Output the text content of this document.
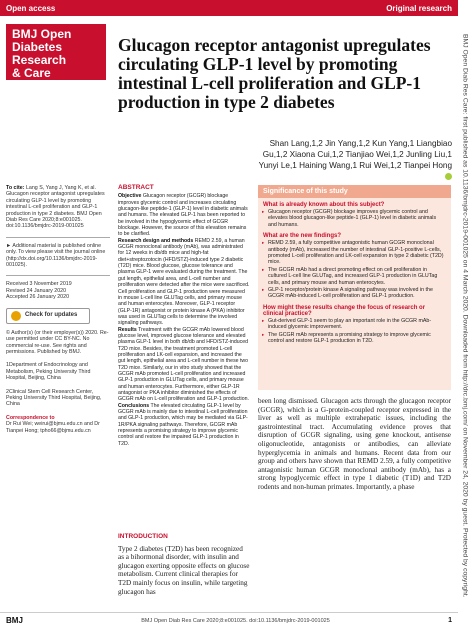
Open access	Original research
BMJ Open
Diabetes
Research
& Care
Glucagon receptor antagonist upregulates circulating GLP-1 level by promoting intestinal L-cell proliferation and GLP-1 production in type 2 diabetes
Shan Lang,1,2 Jin Yang,1,2 Kun Yang,1 Liangbiao Gu,1,2 Xiaona Cui,1,2 Tianjiao Wei,1,2 Junling Liu,1 Yunyi Le,1 Haining Wang,1 Rui Wei,1,2 Tianpei Hong
To cite: Lang S, Yang J, Yang K, et al. Glucagon receptor antagonist upregulates circulating GLP-1 level by promoting intestinal L-cell proliferation and GLP-1 production in type 2 diabetes. BMJ Open Diab Res Care 2020;8:e001025. doi:10.1136/bmjdrc-2019-001025
► Additional material is published online only. To view please visit the journal online (http://dx.doi.org/10.1136/bmjdrc-2019-001025).
Received 3 November 2019
Revised 24 January 2020
Accepted 26 January 2020
Check for updates
© Author(s) (or their employer(s)) 2020. Re-use permitted under CC BY-NC. No commercial re-use. See rights and permissions. Published by BMJ.
1Department of Endocrinology and Metabolism, Peking University Third Hospital, Beijing, China
2Clinical Stem Cell Research Center, Peking University Third Hospital, Beijing, China
Correspondence to
Dr Rui Wei; weirui@bjmu.edu.cn and Dr Tianpei Hong; tpho66@bjmu.edu.cn
ABSTRACT

Objective Glucagon receptor (GCGR) blockage improves glycemic control and increases circulating glucagon-like peptide-1 (GLP-1) level in diabetic animals and humans. The elevated GLP-1 has been reported to be involved in the hypoglycemic effect of GCGR blockage. However, the source of this elevation remains to be clarified.

Research design and methods REMD 2.59, a human GCGR monoclonal antibody (mAb), was administrated for 12 weeks in db/db mice and high-fat diet+streptozotocin (HFD/STZ)-induced type 2 diabetic (T2D) mice. Blood glucose, glucose tolerance and plasma GLP-1 were evaluated during the treatment. The gut length, epithelial area, and L-cell number and proliferation were detected after the mice were sacrificed. Cell proliferation and GLP-1 production were measured in mouse L-cell line GLUTag cells, and primary mouse and human enterocytes. Moreover, GLP-1 receptor (GLP-1R) antagonist or protein kinase A (PKA) inhibitor was used in GLUTag cells to determine the involved signaling pathways.

Results Treatment with the GCGR mAb lowered blood glucose level, improved glucose tolerance and elevated plasma GLP-1 level in both db/db and HFD/STZ-induced T2D mice. Besides, the treatment promoted L-cell proliferation and LK-cell expansion, and increased the gut length, epithelial area and L-cell number in these two T2D mice. Similarly, our in vitro study showed that the GCGR mAb promoted L-cell proliferation and increased GLP-1 production in GLUTag cells, and primary mouse and human enterocytes. Furthermore, either GLP-1R antagonist or PKA inhibitor diminished the effects of GCGR mAb on L-cell proliferation and GLP-1 production.

Conclusions The elevated circulating GLP-1 level by GCGR mAb is mainly due to intestinal L-cell proliferation and GLP-1 production, which may be mediated via GLP-1R/PKA signaling pathways. Therefore, GCGR mAb represents a promising strategy to improve glycemic control and restore the impaired GLP-1 production in T2D.

INTRODUCTION

Type 2 diabetes (T2D) has been recognized as a bihormonal disorder, with insulin and glucagon exerting opposite effects on glucose metabolism. Current clinical therapies for T2D mainly focus on insulin, while targeting glucagon has

Significance of this study
What is already known about this subject?
▸ Glucagon receptor (GCGR) blockage improves glycemic control and elevates blood glucagon-like peptide-1 (GLP-1) level in diabetic animals and humans.
What are the new findings?
▸ REMD 2.59, a fully competitive antagonistic human GCGR monoclonal antibody (mAb), increased the number of intestinal GLP-1-positive L-cells, promoted L-cell proliferation and LK-cell expansion in type 2 diabetic (T2D) mice.
▸ The GCGR mAb had a direct promoting effect on cell proliferation in cultured L-cell line GLUTag, and increased GLP-1 production in GLUTag cells, and primary mouse and human enterocytes.
▸ GLP-1 receptor/protein kinase A signaling pathway was involved in the GCGR mAb-induced L-cell proliferation and GLP-1 production.
How might these results change the focus of research or clinical practice?
▸ Gut-derived GLP-1 seem to play an important role in the GCGR mAb-induced glycemic improvement.
▸ The GCGR mAb represents a promising strategy to improve glycemic control and restore GLP-1 production in T2D.
been long dismissed. Glucagon acts through the glucagon receptor (GCGR), which is a G-protein-coupled receptor expressed in the liver as well as multiple extrahepatic issues, including the gastrointestinal tract. Accumulating evidence proves that disruption of GCGR signaling, using gene knockout, antisense oligonucleotide, antagonists or antibodies, can alleviate hyperglycemia in animals and humans. Recent data from our group and others have shown that REMD 2.59, a fully competitive antagonistic human GCGR monoclonal antibody (mAb), has a strong hypoglycemic effect in type 1 diabetic (T1D) and T2D rodents and non-human primates. Importantly, a phase	BMJ Open Diab Res Care: first published as 10.1136/bmjdrc-2019-001025 on 4 March 2020. Downloaded from http://drc.bmj.com/ on November 24, 2020 by guest. Protected by copyright.
BMJ	BMJ Open Diab Res Care 2020;8:e001025. doi:10.1136/bmjdrc-2019-001025	1
